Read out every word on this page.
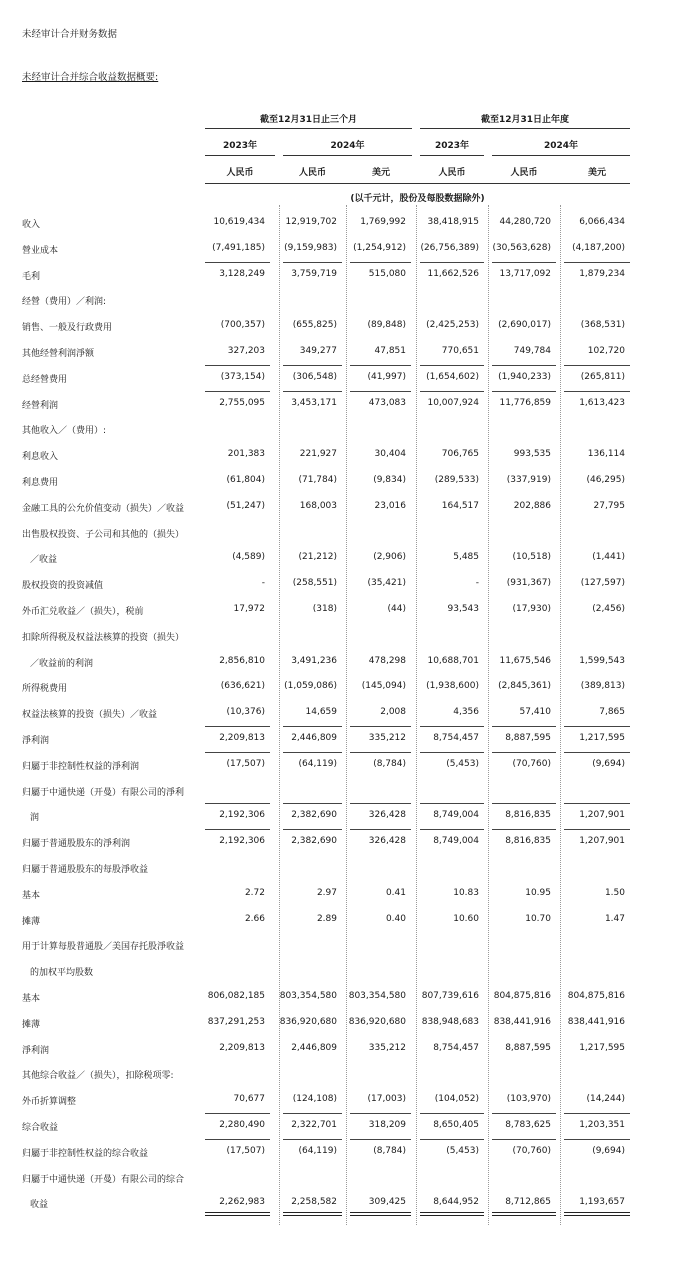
未经审计合并财务数据
未经审计合并综合收益数据概要:
截至12月31日止三个月	截至12月31日止年度
2023年	2024年	2023年	2024年
人民币	人民币	美元	人民币	人民币	美元
(以千元计，股份及每股数据除外)
收入	10,619,434 12,919,702	1,769,992 38,418,915 44,280,720	6,066,434
營业成本	(7,491,185) (9,159,983) (1,254,912) (26,756,389) (30,563,628) (4,187,200)
毛利	3,128,249	3,759,719	515,080 11,662,526 13,717,092	1,879,234
经營（费用）／利润:
销售、一般及行政费用	(700,357)	(655,825)	(89,848) (2,425,253) (2,690,017)	(368,531)
其他经營利润淨额	327,203	349,277	47,851	770,651	749,784	102,720
总经營费用	(373,154)	(306,548)	(41,997) (1,654,602) (1,940,233)	(265,811)
经營利润	2,755,095	3,453,171	473,083 10,007,924 11,776,859	1,613,423
其他收入／（费用）:
利息收入	201,383	221,927	30,404	706,765	993,535	136,114
利息费用	(61,804)	(71,784)	(9,834)	(289,533)	(337,919)	(46,295)
金融工具的公允价值变动（损失）／收益	(51,247)	168,003	23,016	164,517	202,886	27,795
出售股权投资、子公司和其他的（损失）
／收益	(4,589)	(21,212)	(2,906)	5,485	(10,518)	(1,441)
股权投资的投资减值	-	(258,551)	(35,421)	-	(931,367)	(127,597)
外币汇兑收益／（损失），税前	17,972	(318)	(44)	93,543	(17,930)	(2,456)
扣除所得税及权益法核算的投资（损失）
／收益前的利润	2,856,810	3,491,236	478,298 10,688,701 11,675,546	1,599,543
所得税费用	(636,621) (1,059,086)	(145,094) (1,938,600) (2,845,361)	(389,813)
权益法核算的投资（损失）／收益	(10,376)	14,659	2,008	4,356	57,410	7,865
淨利润	2,209,813	2,446,809	335,212	8,754,457	8,887,595	1,217,595
归屬于非控制性权益的淨利润	(17,507)	(64,119)	(8,784)	(5,453)	(70,760)	(9,694)
归屬于中通快递（开曼）有限公司的淨利
润	2,192,306	2,382,690	326,428	8,749,004	8,816,835	1,207,901
归屬于普通股股东的淨利润	2,192,306	2,382,690	326,428	8,749,004	8,816,835	1,207,901
归屬于普通股股东的每股淨收益
基本	2.72	2.97	0.41	10.83	10.95	1.50
摊薄	2.66	2.89	0.40	10.60	10.70	1.47
用于计算每股普通股／美国存托股淨收益
的加权平均股数
基本	806,082,185 803,354,580 803,354,580 807,739,616 804,875,816 804,875,816
摊薄	837,291,253 836,920,680 836,920,680 838,948,683 838,441,916 838,441,916
淨利润	2,209,813	2,446,809	335,212	8,754,457	8,887,595	1,217,595
其他综合收益／（损失），扣除税项零:
外币折算调整	70,677	(124,108)	(17,003)	(104,052)	(103,970)	(14,244)
综合收益	2,280,490	2,322,701	318,209	8,650,405	8,783,625	1,203,351
归屬于非控制性权益的综合收益	(17,507)	(64,119)	(8,784)	(5,453)	(70,760)	(9,694)
归屬于中通快递（开曼）有限公司的综合
收益	2,262,983	2,258,582	309,425	8,644,952	8,712,865	1,193,657
